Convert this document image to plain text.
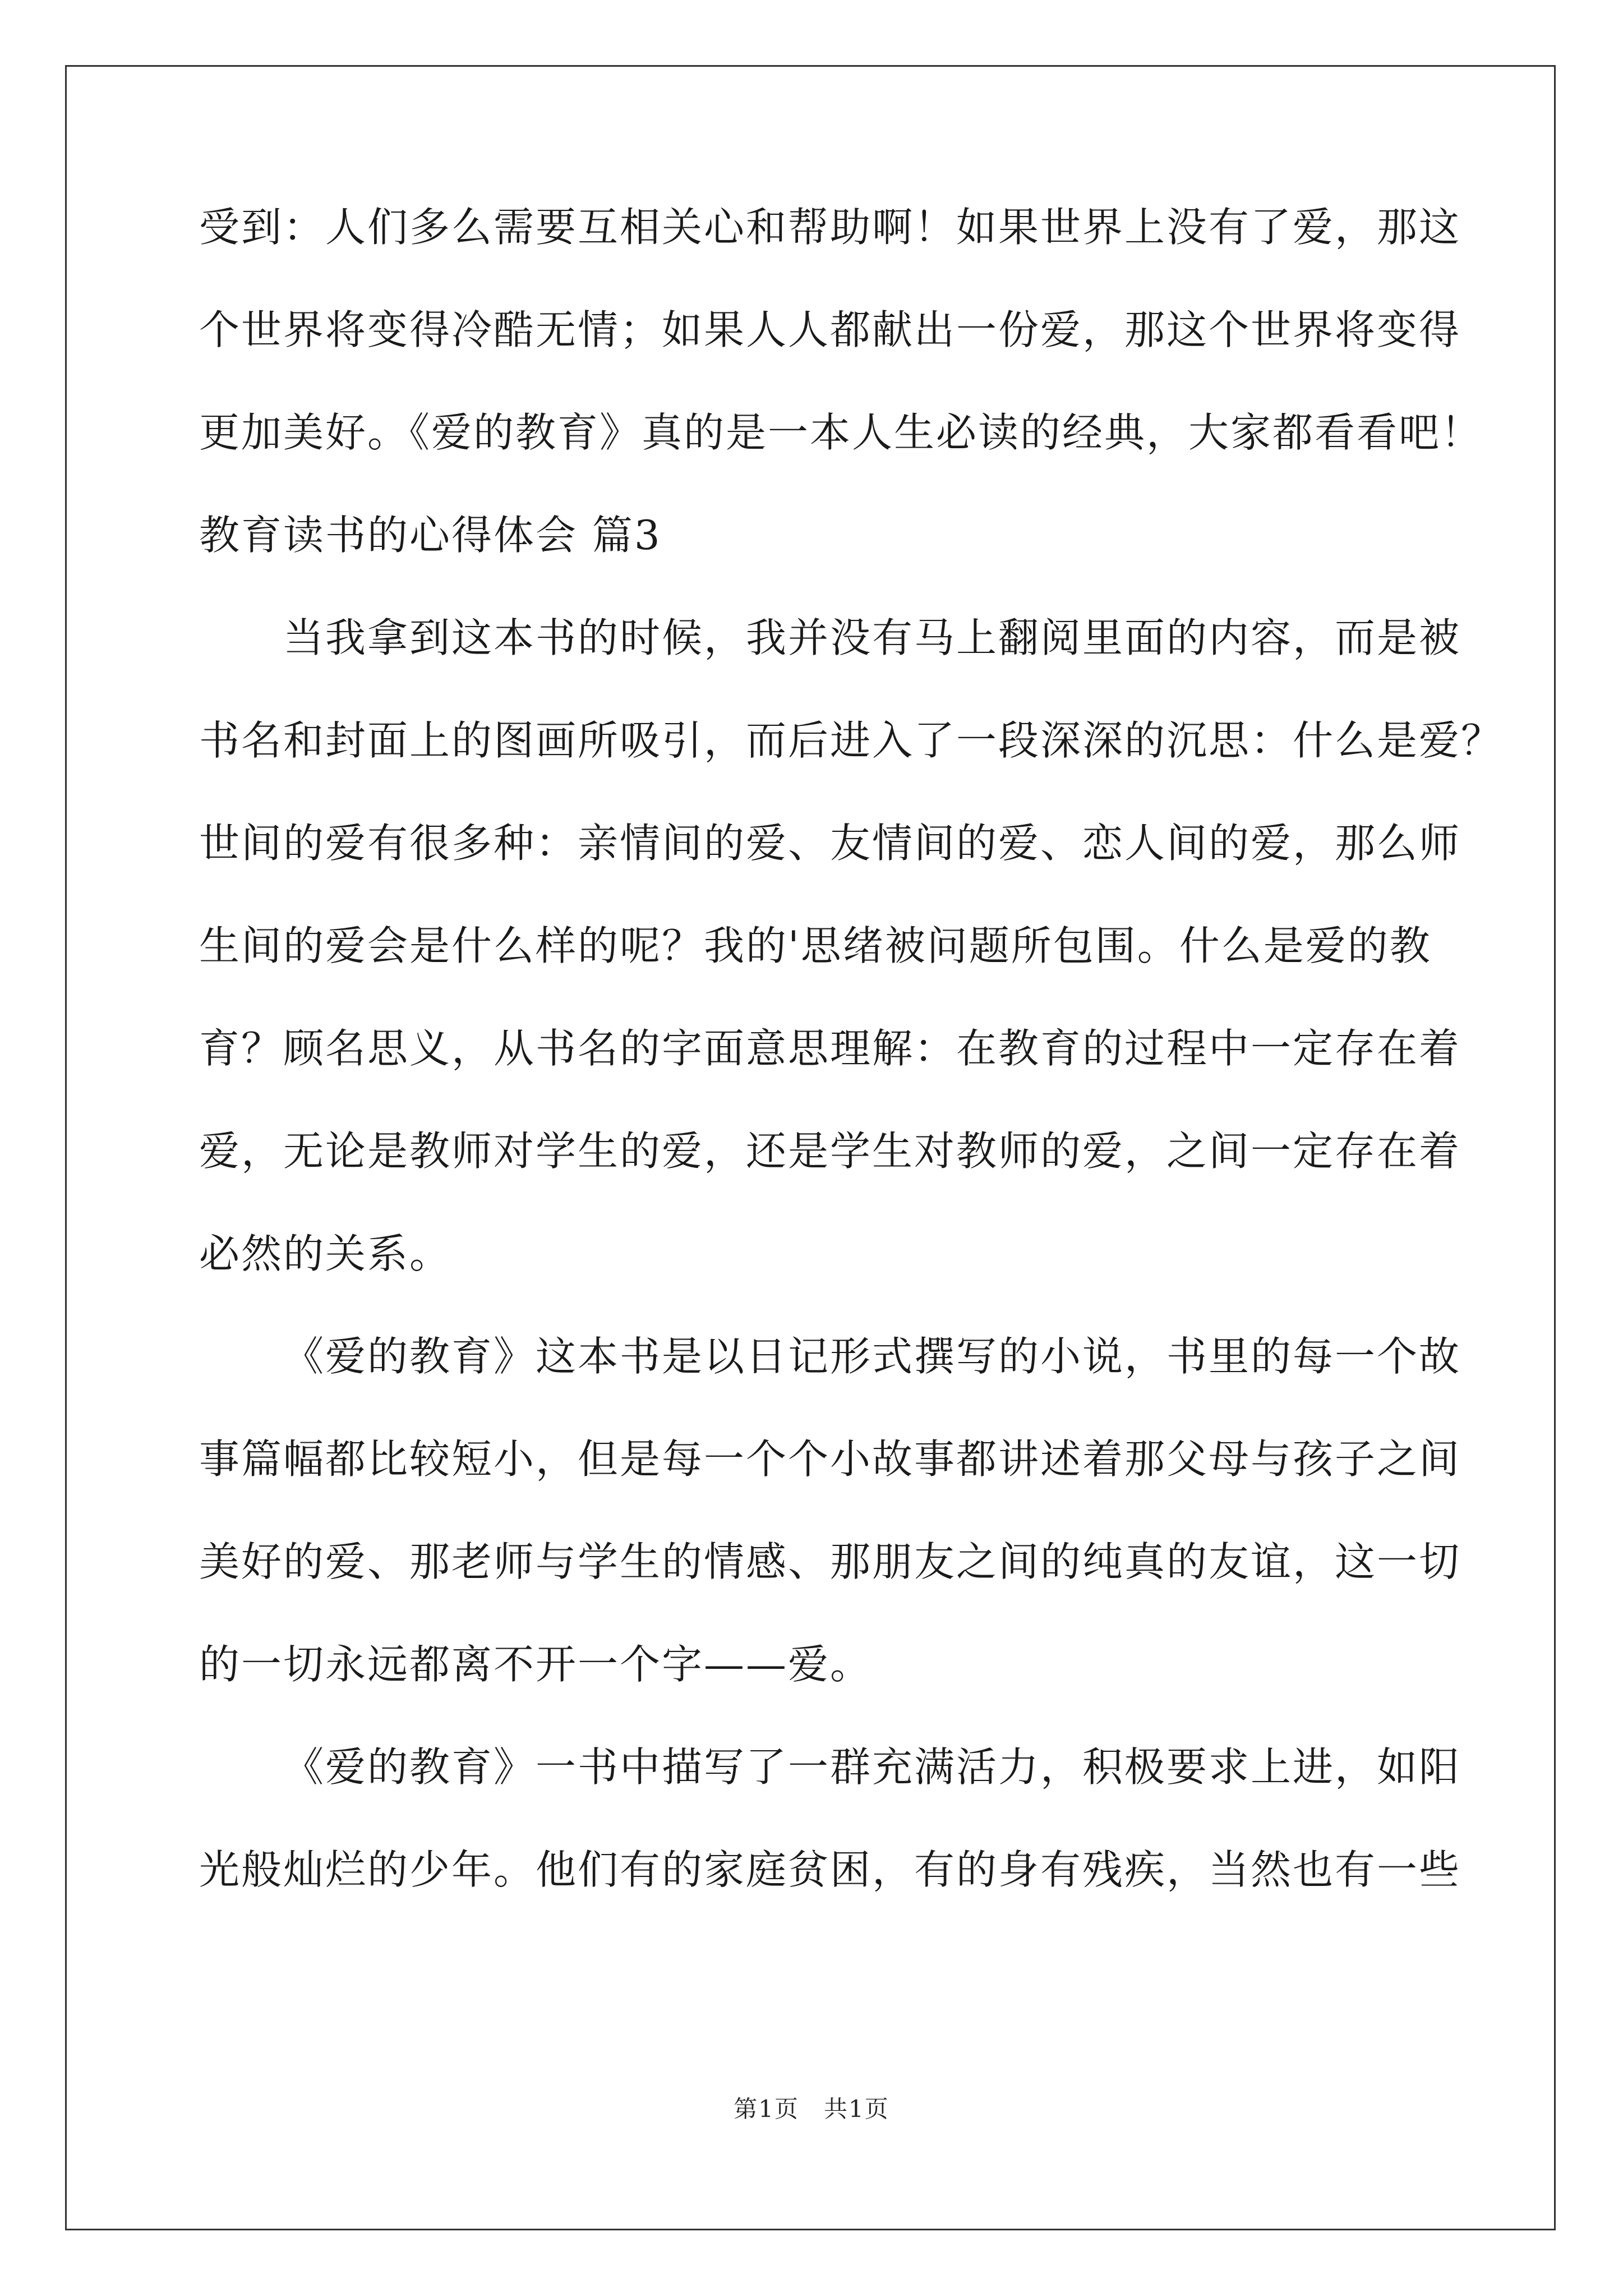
受到：人们多么需要互相关心和帮助啊！如果世界上没有了爱，那这
个世界将变得冷酷无情；如果人人都献出一份爱，那这个世界将变得
更加美好。《爱的教育》真的是一本人生必读的经典，大家都看看吧！
教育读书的心得体会 篇3
当我拿到这本书的时候，我并没有马上翻阅里面的内容，而是被
书名和封面上的图画所吸引，而后进入了一段深深的沉思：什么是爱？
世间的爱有很多种：亲情间的爱、友情间的爱、恋人间的爱，那么师
生间的爱会是什么样的呢？我的'思绪被问题所包围。什么是爱的教
育？顾名思义，从书名的字面意思理解：在教育的过程中一定存在着
爱，无论是教师对学生的爱，还是学生对教师的爱，之间一定存在着
必然的关系。
《爱的教育》这本书是以日记形式撰写的小说，书里的每一个故
事篇幅都比较短小，但是每一个个小故事都讲述着那父母与孩子之间
美好的爱、那老师与学生的情感、那朋友之间的纯真的友谊，这一切
的一切永远都离不开一个字——爱。
《爱的教育》一书中描写了一群充满活力，积极要求上进，如阳
光般灿烂的少年。他们有的家庭贫困，有的身有残疾，当然也有一些
第1页　共1页
